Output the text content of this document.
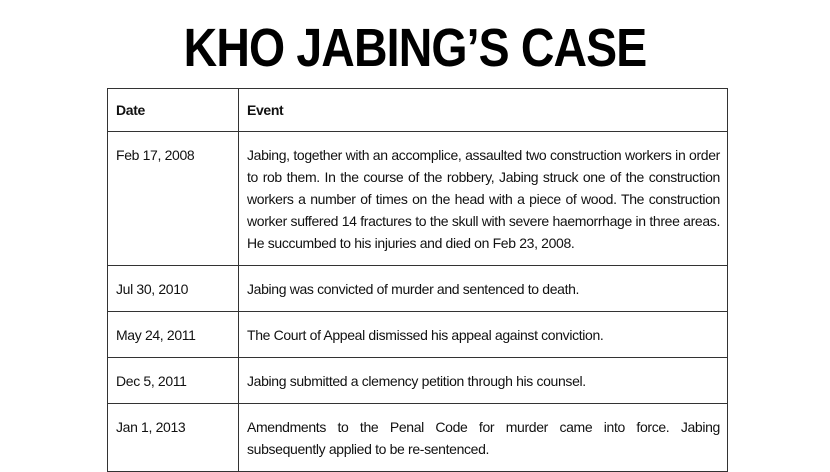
KHO JABING’S CASE
Date	Event
Feb 17, 2008	Jabing, together with an accomplice, assaulted two construction workers in order to rob them. In the course of the robbery, Jabing struck one of the construction workers a number of times on the head with a piece of wood. The construction worker suffered 14 fractures to the skull with severe haemorrhage in three areas. He succumbed to his injuries and died on Feb 23, 2008.
Jul 30, 2010	Jabing was convicted of murder and sentenced to death.
May 24, 2011	The Court of Appeal dismissed his appeal against conviction.
Dec 5, 2011	Jabing submitted a clemency petition through his counsel.
Jan 1, 2013	Amendments to the Penal Code for murder came into force. Jabing subsequently applied to be re-sentenced.
